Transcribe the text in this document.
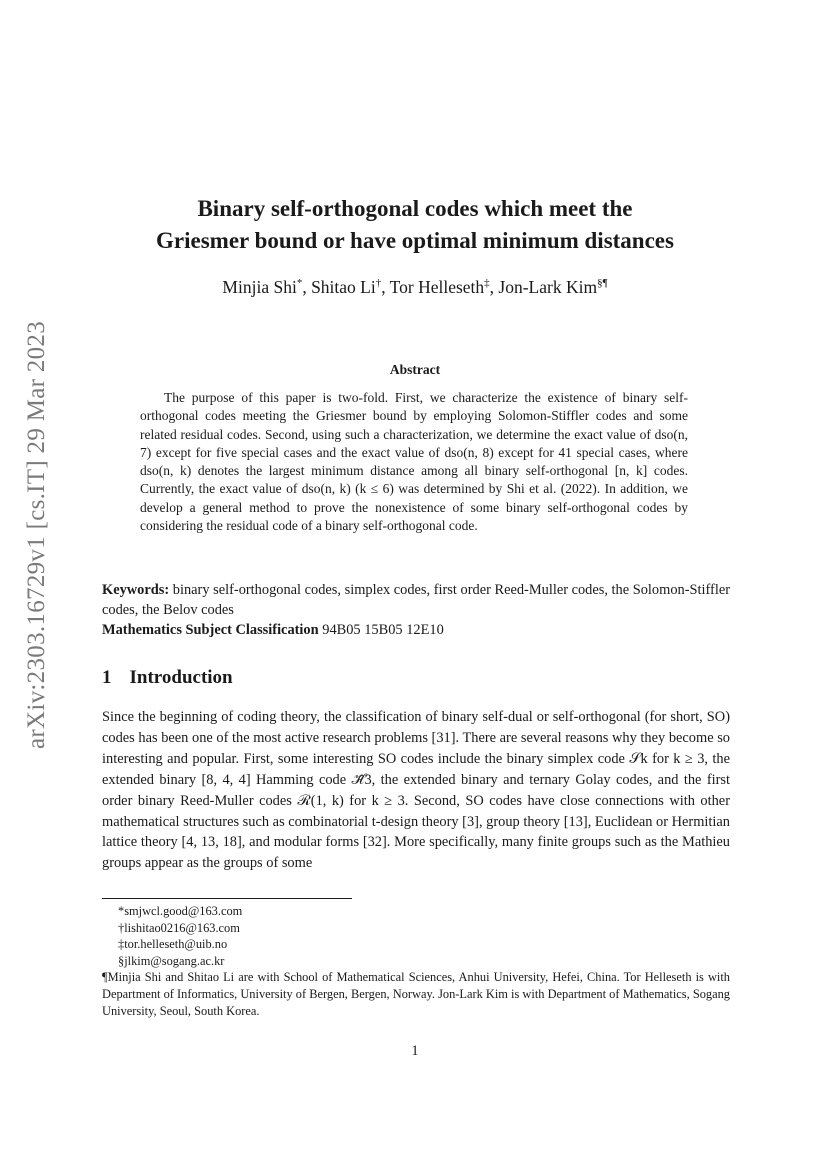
arXiv:2303.16729v1 [cs.IT] 29 Mar 2023
Binary self-orthogonal codes which meet the
Griesmer bound or have optimal minimum distances
Minjia Shi*, Shitao Li†, Tor Helleseth‡, Jon-Lark Kim§¶
Abstract
The purpose of this paper is two-fold. First, we characterize the existence of binary self-orthogonal codes meeting the Griesmer bound by employing Solomon-Stiffler codes and some related residual codes. Second, using such a characterization, we determine the exact value of dso(n, 7) except for five special cases and the exact value of dso(n, 8) except for 41 special cases, where dso(n, k) denotes the largest minimum distance among all binary self-orthogonal [n, k] codes. Currently, the exact value of dso(n, k) (k ≤ 6) was determined by Shi et al. (2022). In addition, we develop a general method to prove the nonexistence of some binary self-orthogonal codes by considering the residual code of a binary self-orthogonal code.
Keywords: binary self-orthogonal codes, simplex codes, first order Reed-Muller codes, the Solomon-Stiffler codes, the Belov codes
Mathematics Subject Classification 94B05 15B05 12E10
1 Introduction
Since the beginning of coding theory, the classification of binary self-dual or self-orthogonal (for short, SO) codes has been one of the most active research problems [31]. There are several reasons why they become so interesting and popular. First, some interesting SO codes include the binary simplex code 𝒮k for k ≥ 3, the extended binary [8, 4, 4] Hamming code ℋ̂3, the extended binary and ternary Golay codes, and the first order binary Reed-Muller codes ℛ(1, k) for k ≥ 3. Second, SO codes have close connections with other mathematical structures such as combinatorial t-design theory [3], group theory [13], Euclidean or Hermitian lattice theory [4, 13, 18], and modular forms [32]. More specifically, many finite groups such as the Mathieu groups appear as the groups of some
*smjwcl.good@163.com
†lishitao0216@163.com
‡tor.helleseth@uib.no
§jlkim@sogang.ac.kr
¶Minjia Shi and Shitao Li are with School of Mathematical Sciences, Anhui University, Hefei, China. Tor Helleseth is with Department of Informatics, University of Bergen, Bergen, Norway. Jon-Lark Kim is with Department of Mathematics, Sogang University, Seoul, South Korea.
1
